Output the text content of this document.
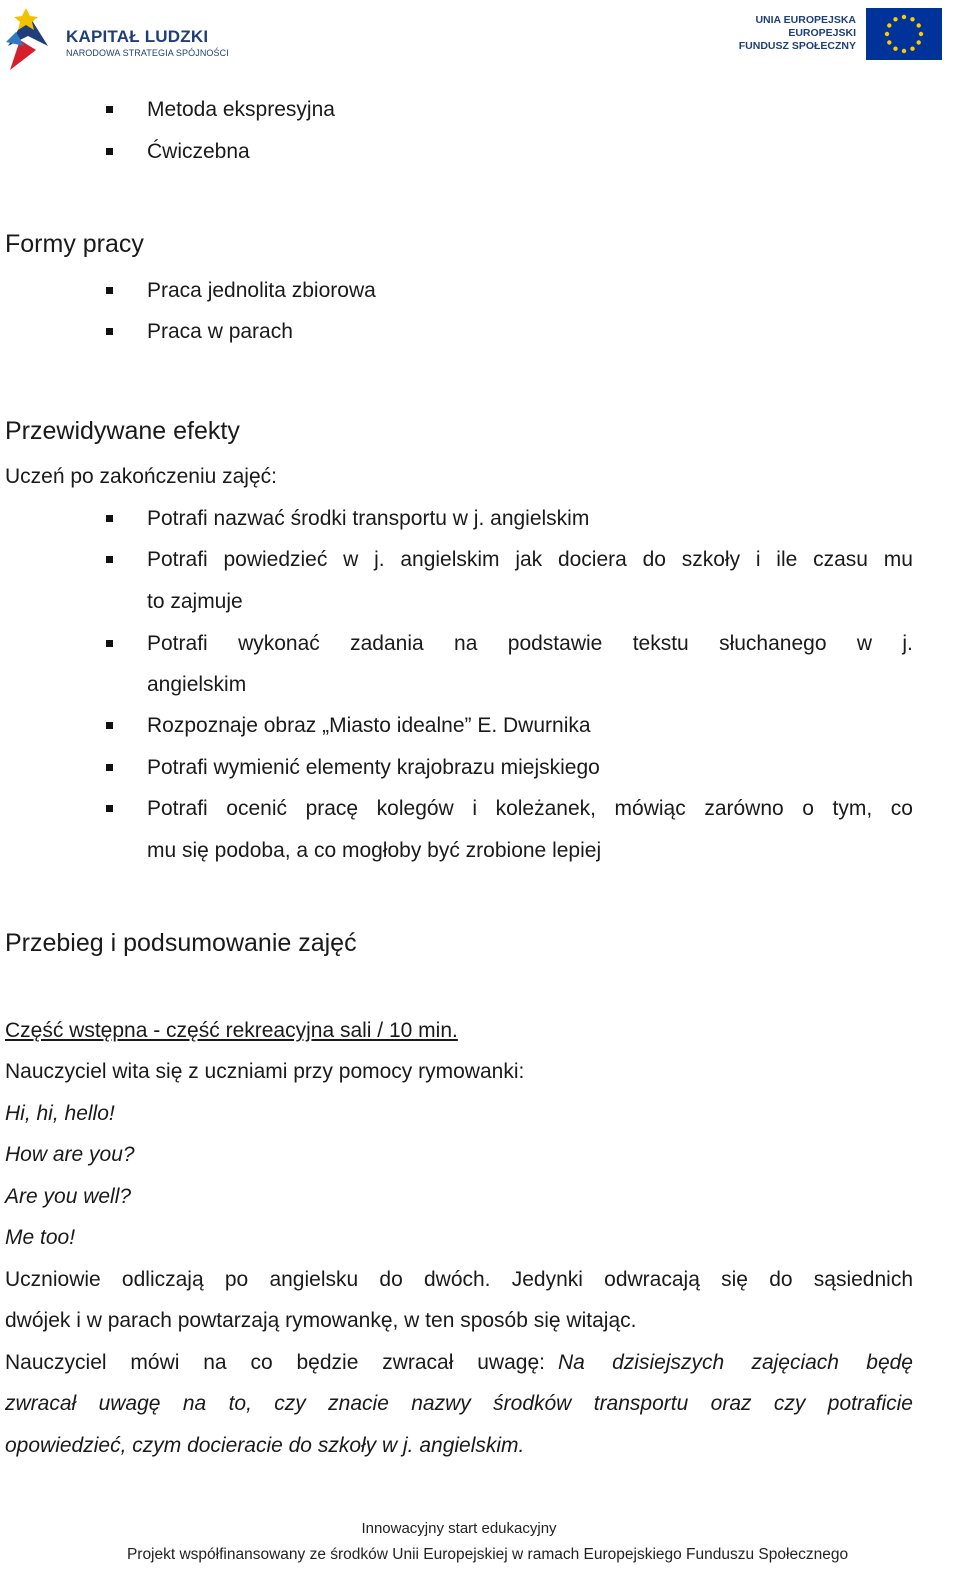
KAPITAŁ LUDZKI
NARODOWA STRATEGIA SPÓJNOŚCI
UNIA EUROPEJSKA
EUROPEJSKI
FUNDUSZ SPOŁECZNY
Metoda ekspresyjna
Ćwiczebna
Formy pracy
Praca jednolita zbiorowa
Praca w parach
Przewidywane efekty
Uczeń po zakończeniu zajęć:
Potrafi nazwać środki transportu w j. angielskim
Potrafi powiedzieć w j. angielskim jak dociera do szkoły i ile czasu mu
to zajmuje
Potrafi wykonać zadania na podstawie tekstu słuchanego w j.
angielskim
Rozpoznaje obraz „Miasto idealne” E. Dwurnika
Potrafi wymienić elementy krajobrazu miejskiego
Potrafi ocenić pracę kolegów i koleżanek, mówiąc zarówno o tym, co
mu się podoba, a co mogłoby być zrobione lepiej
Przebieg i podsumowanie zajęć
Część wstępna - część rekreacyjna sali / 10 min.
Nauczyciel wita się z uczniami przy pomocy rymowanki:
Hi, hi, hello!
How are you?
Are you well?
Me too!
Uczniowie odliczają po angielsku do dwóch. Jedynki odwracają się do sąsiednich
dwójek i w parach powtarzają rymowankę, w ten sposób się witając.
Nauczyciel mówi na co będzie zwracał uwagę: Na dzisiejszych zajęciach będę
zwracał uwagę na to, czy znacie nazwy środków transportu oraz czy potraficie
opowiedzieć, czym docieracie do szkoły w j. angielskim.
Innowacyjny start edukacyjny
Projekt współfinansowany ze środków Unii Europejskiej w ramach Europejskiego Funduszu Społecznego
